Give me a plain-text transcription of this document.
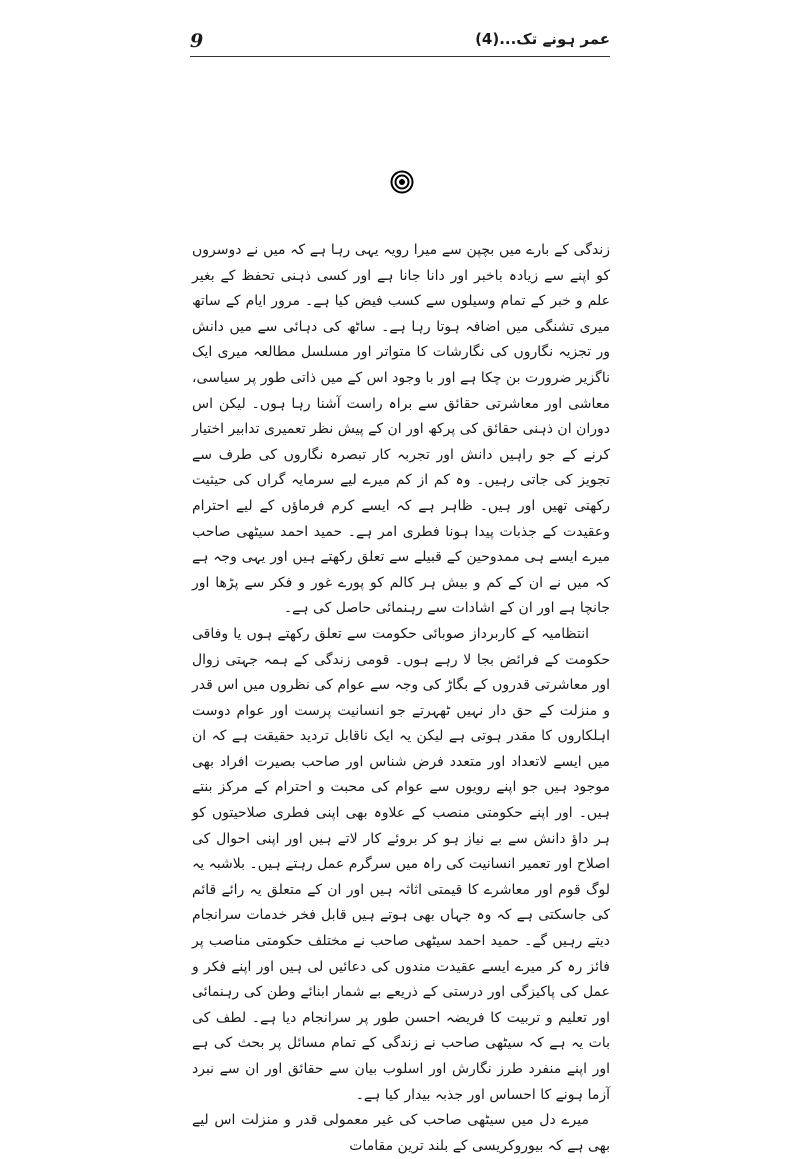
9	عمر ہونے تک...(4)

زندگی کے بارے میں بچپن سے میرا رویہ یہی رہا ہے کہ میں نے دوسروں کو اپنے سے زیادہ باخبر اور دانا جانا ہے اور کسی ذہنی تحفظ کے بغیر علم و خبر کے تمام وسیلوں سے کسب فیض کیا ہے۔ مرور ایام کے ساتھ میری تشنگی میں اضافہ ہوتا رہا ہے۔ ساٹھ کی دہائی سے میں دانش ور تجزیہ نگاروں کی نگارشات کا متواتر اور مسلسل مطالعہ میری ایک ناگزیر ضرورت بن چکا ہے اور با وجود اس کے میں ذاتی طور پر سیاسی، معاشی اور معاشرتی حقائق سے براہ راست آشنا رہا ہوں۔ لیکن اس دوران ان ذہنی حقائق کی پرکھ اور ان کے پیش نظر تعمیری تدابیر اختیار کرنے کے جو راہیں دانش اور تجربہ کار تبصرہ نگاروں کی طرف سے تجویز کی جاتی رہیں۔ وہ کم از کم میرے لیے سرمایہ گراں کی حیثیت رکھتی تھیں اور ہیں۔ ظاہر ہے کہ ایسے کرم فرماؤں کے لیے احترام وعقیدت کے جذبات پیدا ہونا فطری امر ہے۔ حمید احمد سیٹھی صاحب میرے ایسے ہی ممدوحین کے قبیلے سے تعلق رکھتے ہیں اور یہی وجہ ہے کہ میں نے ان کے کم و بیش ہر کالم کو پورے غور و فکر سے پڑھا اور جانچا ہے اور ان کے اشادات سے رہنمائی حاصل کی ہے۔

انتظامیہ کے کاربرداز صوبائی حکومت سے تعلق رکھتے ہوں یا وفاقی حکومت کے فرائض بجا لا رہے ہوں۔ قومی زندگی کے ہمہ جہتی زوال اور معاشرتی قدروں کے بگاڑ کی وجہ سے عوام کی نظروں میں اس قدر و منزلت کے حق دار نہیں ٹھہرتے جو انسانیت پرست اور عوام دوست اہلکاروں کا مقدر ہوتی ہے لیکن یہ ایک ناقابل تردید حقیقت ہے کہ ان میں ایسے لاتعداد اور متعدد فرض شناس اور صاحب بصیرت افراد بھی موجود ہیں جو اپنے رویوں سے عوام کی محبت و احترام کے مرکز بنتے ہیں۔ اور اپنے حکومتی منصب کے علاوہ بھی اپنی فطری صلاحیتوں کو ہر داؤ دانش سے بے نیاز ہو کر بروئے کار لاتے ہیں اور اپنی احوال کی اصلاح اور تعمیر انسانیت کی راہ میں سرگرم عمل رہتے ہیں۔ بلاشبہ یہ لوگ قوم اور معاشرے کا قیمتی اثاثہ ہیں اور ان کے متعلق یہ رائے قائم کی جاسکتی ہے کہ وہ جہاں بھی ہوتے ہیں قابل فخر خدمات سرانجام دیتے رہیں گے۔ حمید احمد سیٹھی صاحب نے مختلف حکومتی مناصب پر فائز رہ کر میرے ایسے عقیدت مندوں کی دعائیں لی ہیں اور اپنے فکر و عمل کی پاکیزگی اور درستی کے ذریعے بے شمار ابنائے وطن کی رہنمائی اور تعلیم و تربیت کا فریضہ احسن طور پر سرانجام دیا ہے۔ لطف کی بات یہ ہے کہ سیٹھی صاحب نے زندگی کے تمام مسائل پر بحث کی ہے اور اپنے منفرد طرز نگارش اور اسلوب بیان سے حقائق اور ان سے نبرد آزما ہونے کا احساس اور جذبہ بیدار کیا ہے۔

میرے دل میں سیٹھی صاحب کی غیر معمولی قدر و منزلت اس لیے بھی ہے کہ بیوروکریسی کے بلند ترین مقامات
